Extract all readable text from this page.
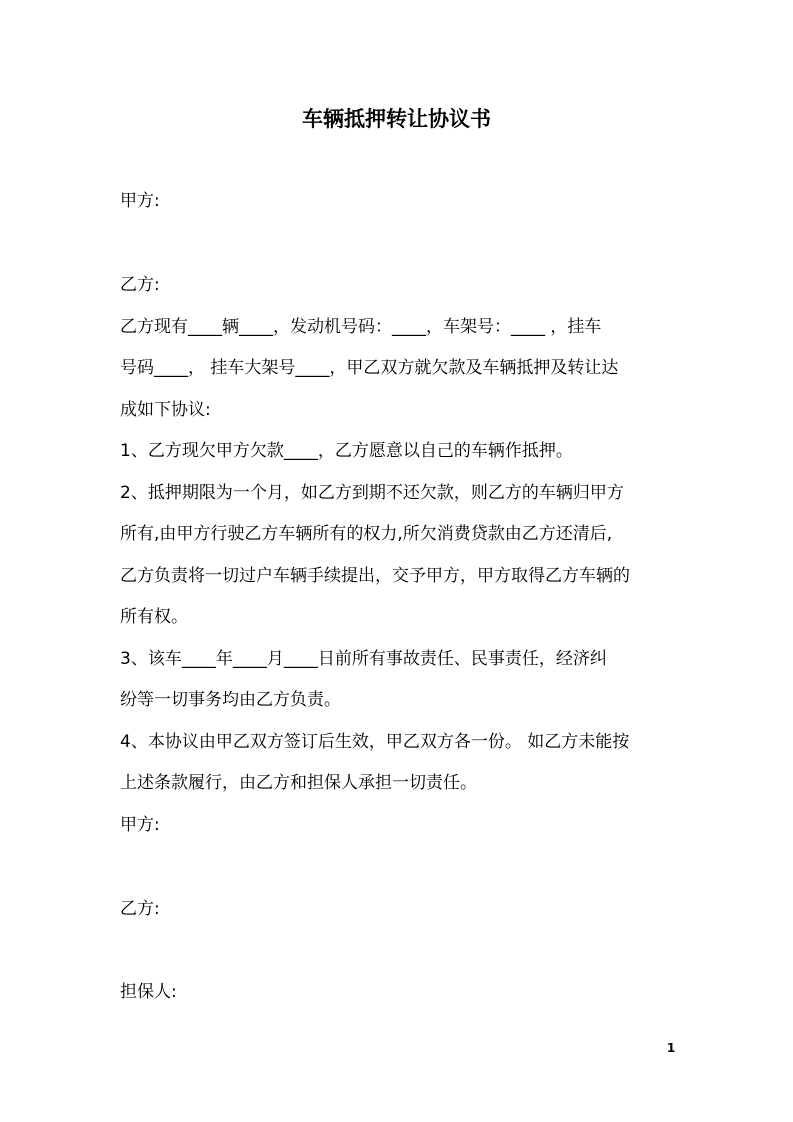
车辆抵押转让协议书
甲方:
乙方:
乙方现有____辆____，发动机号码：____，车架号：____ ，挂车
号码____， 挂车大架号____，甲乙双方就欠款及车辆抵押及转让达
成如下协议:
1、乙方现欠甲方欠款____，乙方愿意以自己的车辆作抵押。
2、抵押期限为一个月，如乙方到期不还欠款，则乙方的车辆归甲方
所有,由甲方行驶乙方车辆所有的权力,所欠消费贷款由乙方还清后,
乙方负责将一切过户车辆手续提出，交予甲方，甲方取得乙方车辆的
所有权。
3、该车____年____月____日前所有事故责任、民事责任，经济纠
纷等一切事务均由乙方负责。
4、本协议由甲乙双方签订后生效，甲乙双方各一份。 如乙方未能按
上述条款履行，由乙方和担保人承担一切责任。
甲方:
乙方:
担保人:
1
